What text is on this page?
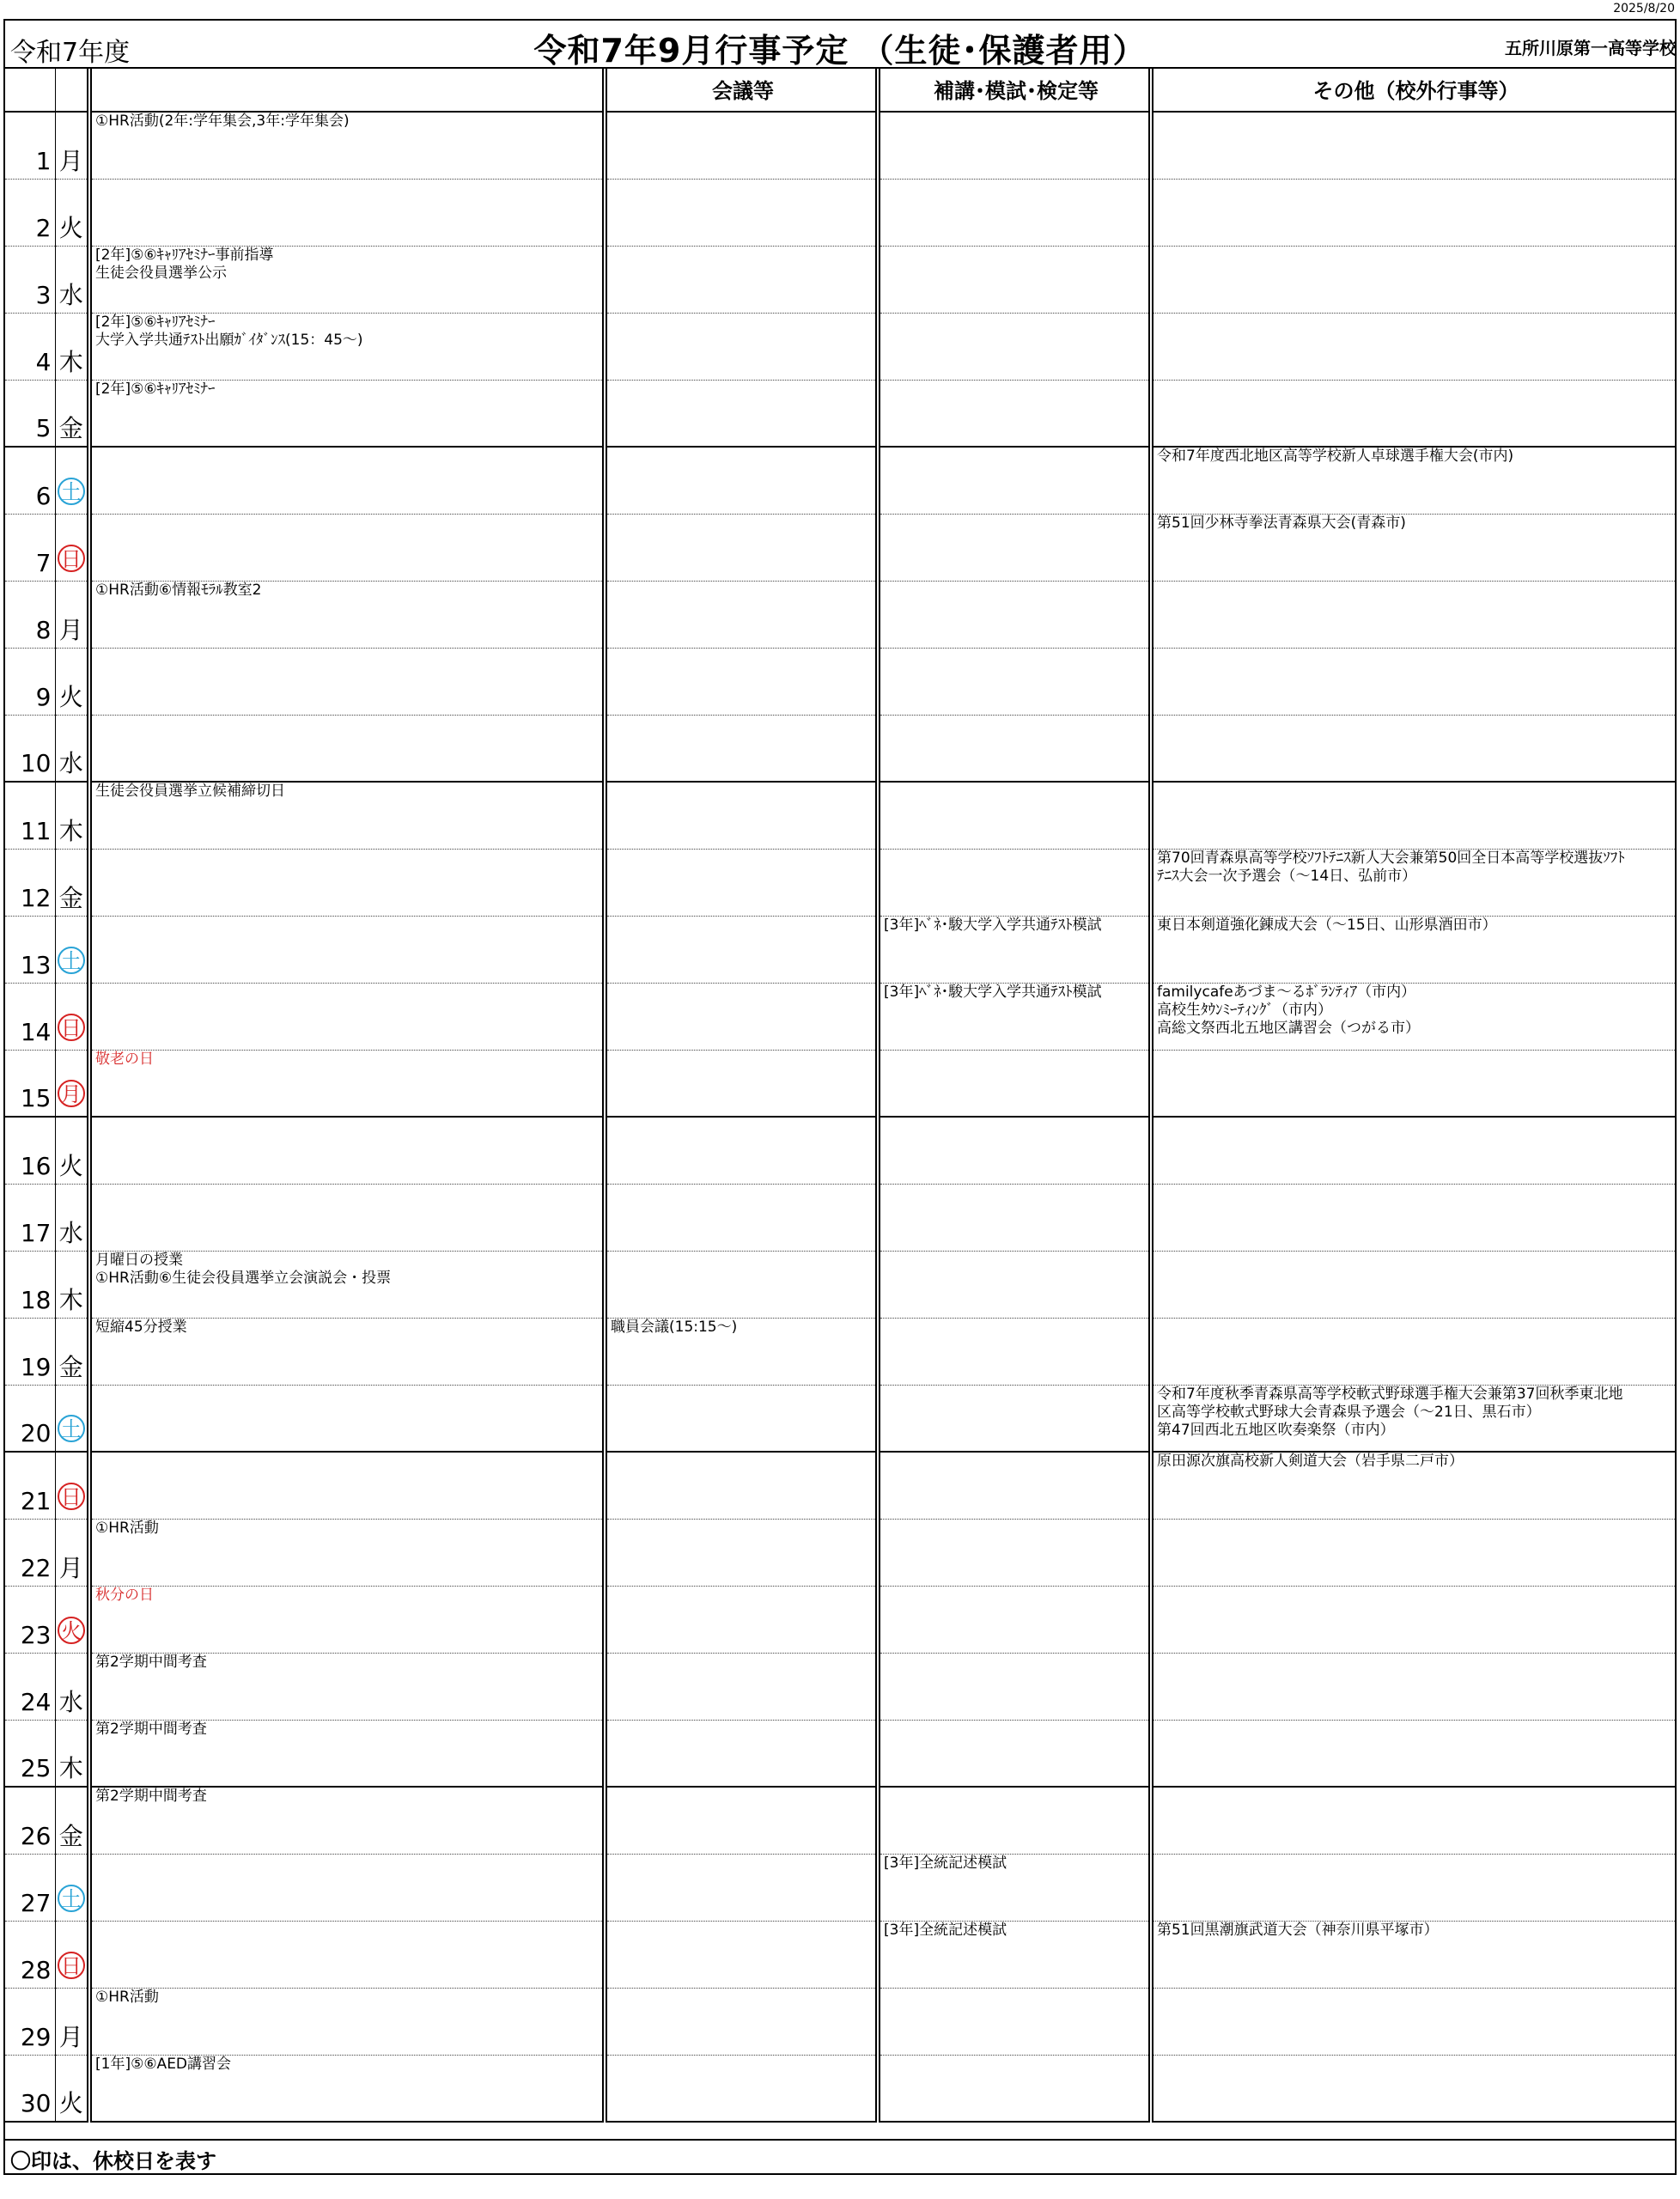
2025/8/20
令和7年度	令和7年9月行事予定 （生徒･保護者用）
			会議等	補講･模試･検定等	その他（校外行事等）
1	月	①HR活動(2年:学年集会,3年:学年集会)			

2	火				
3	水	[2年]⑤⑥ｷｬﾘｱｾﾐﾅｰ事前指導
生徒会役員選挙公示			

4	木	[2年]⑤⑥ｷｬﾘｱｾﾐﾅｰ
大学入学共通ﾃｽﾄ出願ｶﾞｲﾀﾞﾝｽ(15：45～)			

5	金	[2年]⑤⑥ｷｬﾘｱｾﾐﾅｰ			

6	土				令和7年度西北地区高等学校新人卓球選手権大会(市内)

7	日				第51回少林寺拳法青森県大会(青森市)

8	月	①HR活動⑥情報ﾓﾗﾙ教室2			

9	火				
10	水				
11	木	生徒会役員選挙立候補締切日			

12	金				第70回青森県高等学校ｿﾌﾄﾃﾆｽ新人大会兼第50回全日本高等学校選抜ｿﾌﾄ
ﾃﾆｽ大会一次予選会（～14日、弘前市）

13	土			[3年]ﾍﾞﾈ･駿大学入学共通ﾃｽﾄ模試	東日本剣道強化錬成大会（～15日、山形県酒田市）

14	日			[3年]ﾍﾞﾈ･駿大学入学共通ﾃｽﾄ模試	familycafeあづま～るﾎﾞﾗﾝﾃｨｱ（市内）
高校生ﾀｳﾝﾐｰﾃｨﾝｸﾞ（市内）
高総文祭西北五地区講習会（つがる市）

15	月	敬老の日			

16	火				
17	水				
18	木	月曜日の授業
①HR活動⑥生徒会役員選挙立会演説会・投票			

19	金	短縮45分授業	職員会議(15:15～)		

20	土				令和7年度秋季青森県高等学校軟式野球選手権大会兼第37回秋季東北地
区高等学校軟式野球大会青森県予選会（～21日、黒石市）
第47回西北五地区吹奏楽祭（市内）

21	日				原田源次旗高校新人剣道大会（岩手県二戸市）

22	月	①HR活動			

23	火	秋分の日			

24	水	第2学期中間考査			

25	木	第2学期中間考査			

26	金	第2学期中間考査			

27	土			[3年]全統記述模試	

28	日			[3年]全統記述模試	第51回黒潮旗武道大会（神奈川県平塚市）

29	月	①HR活動			

30	火	[1年]⑤⑥AED講習会			

〇印は、休校日を表す
五所川原第一高等学校
